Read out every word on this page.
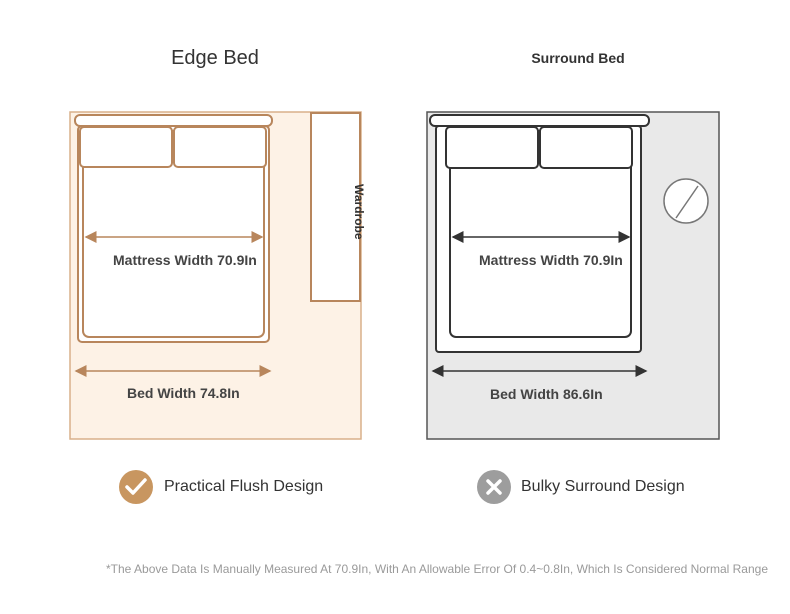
Edge Bed	Surround Bed
Mattress Width 70.9In
Bed Width 74.8In
Wardrobe
Mattress Width 70.9In
Bed Width 86.6In
Practical Flush Design	Bulky Surround Design
*The Above Data Is Manually Measured At 70.9In, With An Allowable Error Of 0.4~0.8In, Which Is Considered Normal Range
